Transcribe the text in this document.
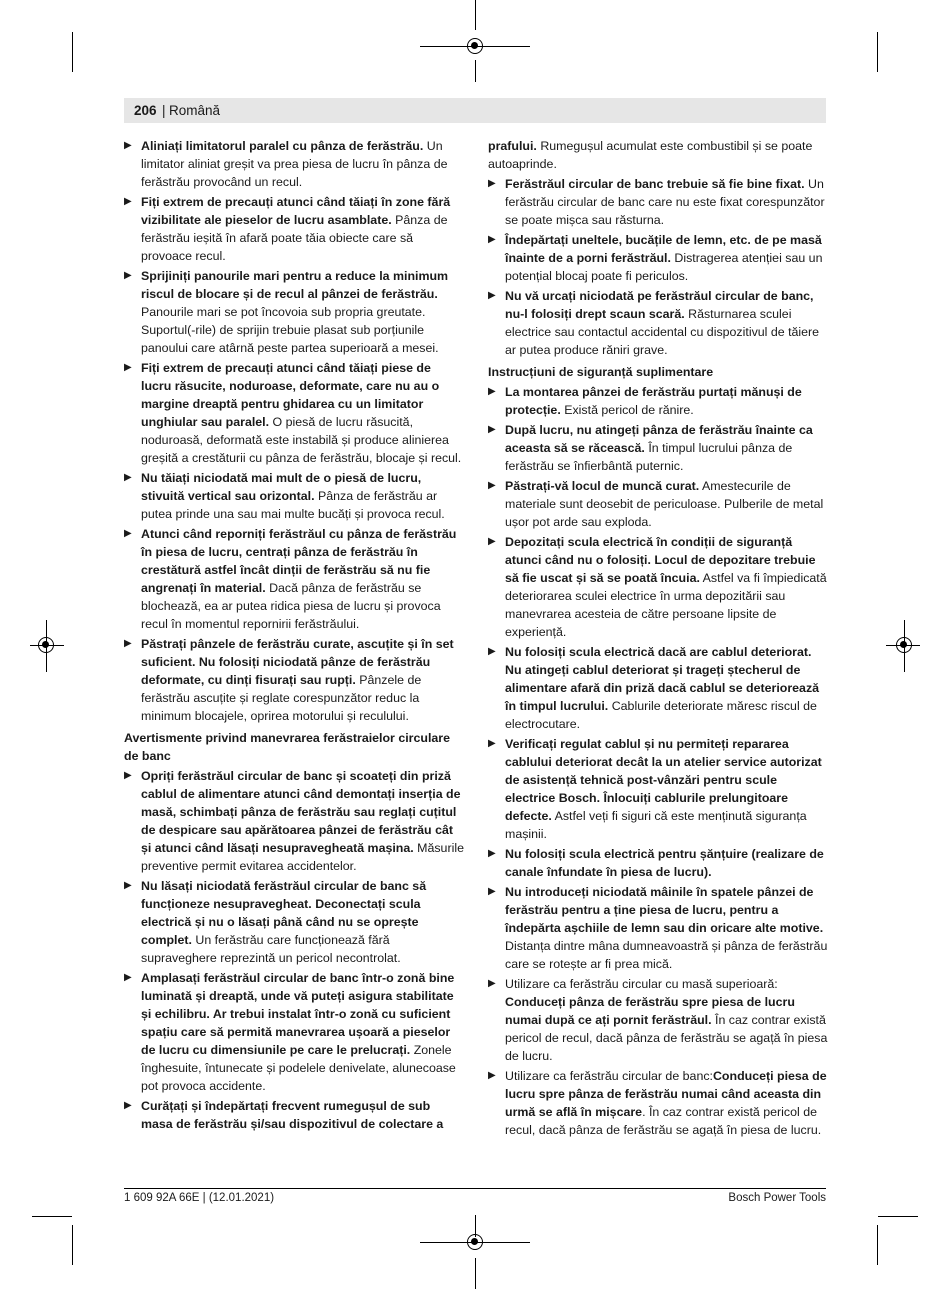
206 | Română
▶ Aliniați limitatorul paralel cu pânza de ferăstrău. Un limitator aliniat greșit va prea piesa de lucru în pânza de ferăstrău provocând un recul.
▶ Fiți extrem de precauți atunci când tăiați în zone fără vizibilitate ale pieselor de lucru asamblate. Pânza de ferăstrău ieșită în afară poate tăia obiecte care să provoace recul.
▶ Sprijiniți panourile mari pentru a reduce la minimum riscul de blocare și de recul al pânzei de ferăstrău. Panourile mari se pot încovoia sub propria greutate. Suportul(-rile) de sprijin trebuie plasat sub porțiunile panoului care atârnă peste partea superioară a mesei.
▶ Fiți extrem de precauți atunci când tăiați piese de lucru răsucite, noduroase, deformate, care nu au o margine dreaptă pentru ghidarea cu un limitator unghiular sau paralel. O piesă de lucru răsucită, noduroasă, deformată este instabilă și produce alinierea greșită a crestăturii cu pânza de ferăstrău, blocaje și recul.
▶ Nu tăiați niciodată mai mult de o piesă de lucru, stivuită vertical sau orizontal. Pânza de ferăstrău ar putea prinde una sau mai multe bucăți și provoca recul.
▶ Atunci când reporniți ferăstrăul cu pânza de ferăstrău în piesa de lucru, centrați pânza de ferăstrău în crestătură astfel încât dinții de ferăstrău să nu fie angrenați în material. Dacă pânza de ferăstrău se blochează, ea ar putea ridica piesa de lucru și provoca recul în momentul repornirii ferăstrăului.
▶ Păstrați pânzele de ferăstrău curate, ascuțite și în set suficient. Nu folosiți niciodată pânze de ferăstrău deformate, cu dinți fisurați sau rupți. Pânzele de ferăstrău ascuțite și reglate corespunzător reduc la minimum blocajele, oprirea motorului și reculului.
Avertismente privind manevrarea ferăstraielor circulare de banc
▶ Opriți ferăstrăul circular de banc și scoateți din priză cablul de alimentare atunci când demontați inserția de masă, schimbați pânza de ferăstrău sau reglați cuțitul de despicare sau apărătoarea pânzei de ferăstrău cât și atunci când lăsați nesupravegheată mașina. Măsurile preventive permit evitarea accidentelor.
▶ Nu lăsați niciodată ferăstrăul circular de banc să funcționeze nesupravegheat. Deconectați scula electrică și nu o lăsați până când nu se oprește complet. Un ferăstrău care funcționează fără supraveghere reprezintă un pericol necontrolat.
▶ Amplasați ferăstrăul circular de banc într-o zonă bine luminată și dreaptă, unde vă puteți asigura stabilitate și echilibru. Ar trebui instalat într-o zonă cu suficient spațiu care să permită manevrarea ușoară a pieselor de lucru cu dimensiunile pe care le prelucrați. Zonele înghesuite, întunecate și podelele denivelate, alunecoase pot provoca accidente.
▶ Curățați și îndepărtați frecvent rumegușul de sub masa de ferăstrău și/sau dispozitivul de colectare a
prafului. Rumegușul acumulat este combustibil și se poate autoaprinde.
▶ Ferăstrăul circular de banc trebuie să fie bine fixat. Un ferăstrău circular de banc care nu este fixat corespunzător se poate mișca sau răsturna.
▶ Îndepărtați uneltele, bucățile de lemn, etc. de pe masă înainte de a porni ferăstrăul. Distragerea atenției sau un potențial blocaj poate fi periculos.
▶ Nu vă urcați niciodată pe ferăstrăul circular de banc, nu-l folosiți drept scaun scară. Răsturnarea sculei electrice sau contactul accidental cu dispozitivul de tăiere ar putea produce răniri grave.
Instrucțiuni de siguranță suplimentare
▶ La montarea pânzei de ferăstrău purtați mănuși de protecție. Există pericol de rănire.
▶ După lucru, nu atingeți pânza de ferăstrău înainte ca aceasta să se răcească. În timpul lucrului pânza de ferăstrău se înfierbântă puternic.
▶ Păstrați-vă locul de muncă curat. Amestecurile de materiale sunt deosebit de periculoase. Pulberile de metal ușor pot arde sau exploda.
▶ Depozitați scula electrică în condiții de siguranță atunci când nu o folosiți. Locul de depozitare trebuie să fie uscat și să se poată încuia. Astfel va fi împiedicată deteriorarea sculei electrice în urma depozitării sau manevrarea acesteia de către persoane lipsite de experiență.
▶ Nu folosiți scula electrică dacă are cablul deteriorat. Nu atingeți cablul deteriorat și trageți ștecherul de alimentare afară din priză dacă cablul se deteriorează în timpul lucrului. Cablurile deteriorate măresc riscul de electrocutare.
▶ Verificați regulat cablul și nu permiteți repararea cablului deteriorat decât la un atelier service autorizat de asistență tehnică post-vânzări pentru scule electrice Bosch. Înlocuiți cablurile prelungitoare defecte. Astfel veți fi siguri că este menținută siguranța mașinii.
▶ Nu folosiți scula electrică pentru șănțuire (realizare de canale înfundate în piesa de lucru).
▶ Nu introduceți niciodată mâinile în spatele pânzei de ferăstrău pentru a ține piesa de lucru, pentru a îndepărta așchiile de lemn sau din oricare alte motive. Distanța dintre mâna dumneavoastră și pânza de ferăstrău care se rotește ar fi prea mică.
▶ Utilizare ca ferăstrău circular cu masă superioară: Conduceți pânza de ferăstrău spre piesa de lucru numai după ce ați pornit ferăstrăul. În caz contrar există pericol de recul, dacă pânza de ferăstrău se agață în piesa de lucru.
▶ Utilizare ca ferăstrău circular de banc:Conduceți piesa de lucru spre pânza de ferăstrău numai când aceasta din urmă se află în mișcare. În caz contrar există pericol de recul, dacă pânza de ferăstrău se agață în piesa de lucru.
1 609 92A 66E | (12.01.2021)	Bosch Power Tools
